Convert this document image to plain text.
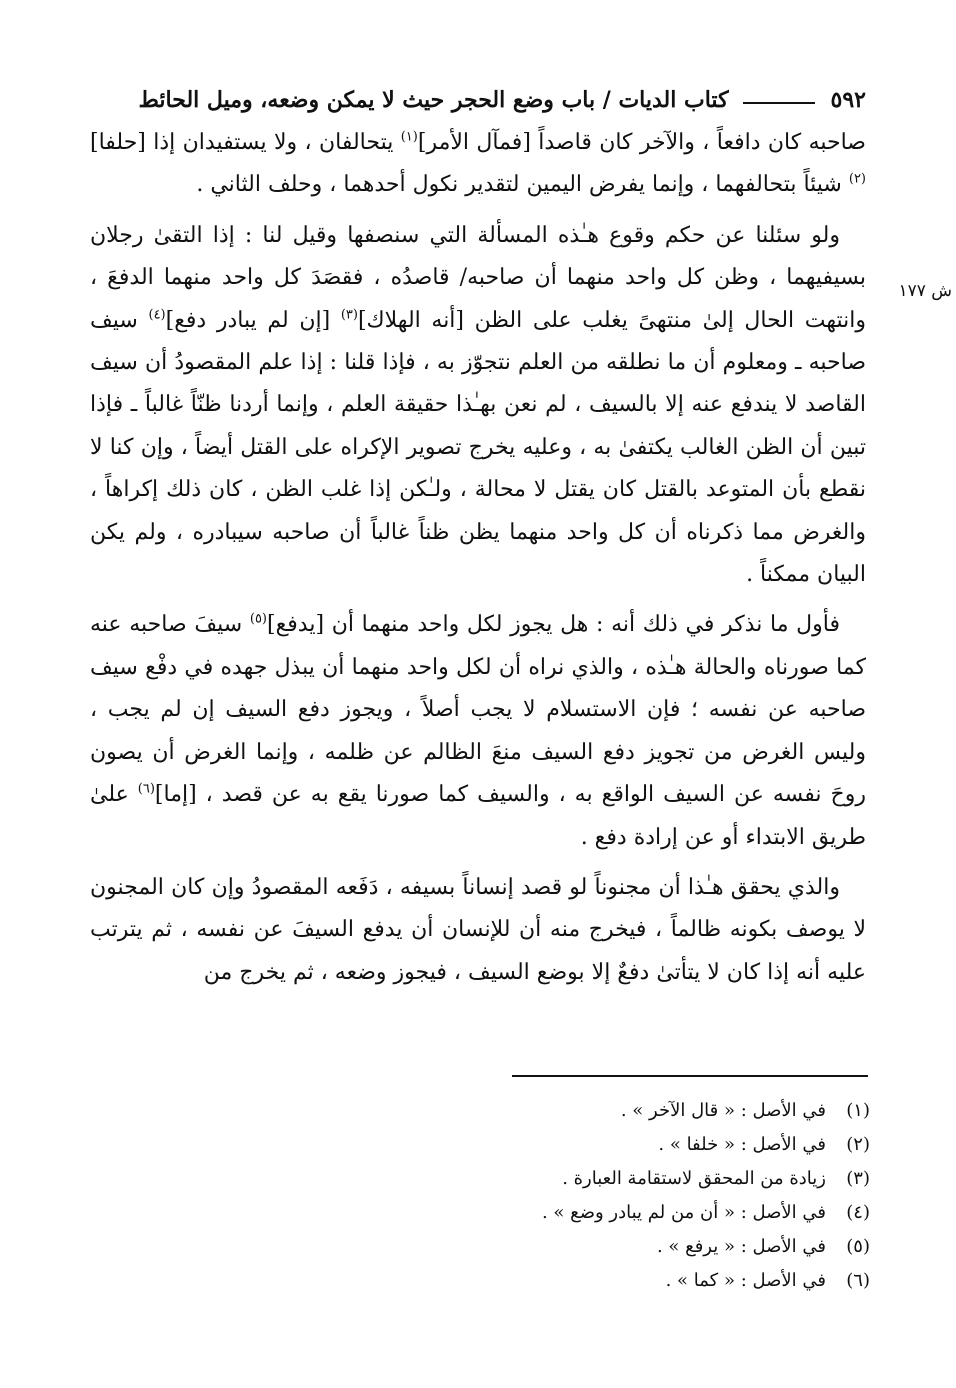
٥٩٢
كتاب الديات / باب وضع الحجر حيث لا يمكن وضعه، وميل الحائط
ش ١٧٧

صاحبه كان دافعاً ، والآخر كان قاصداً [فمآل الأمر]$^{(١)}$ يتحالفان ، ولا يستفيدان إذا [حلفا]$^{(٢)}$ شيئاً بتحالفهما ، وإنما يفرض اليمين لتقدير نكول أحدهما ، وحلف الثاني .

ولو سئلنا عن حكم وقوع هـٰذه المسألة التي سنصفها وقيل لنا : إذا التقىٰ رجلان بسيفيهما ، وظن كل واحد منهما أن صاحبه/ قاصدُه ، فقصَدَ كل واحد منهما الدفعَ ، وانتهت الحال إلىٰ منتهىً يغلب على الظن [أنه الهلاك]$^{(٣)}$ [إن لم يبادر دفع]$^{(٤)}$ سيف صاحبه ـ ومعلوم أن ما نطلقه من العلم نتجوّز به ، فإذا قلنا : إذا علم المقصودُ أن سيف القاصد لا يندفع عنه إلا بالسيف ، لم نعن بهـٰذا حقيقة العلم ، وإنما أردنا ظنّاً غالباً ـ فإذا تبين أن الظن الغالب يكتفىٰ به ، وعليه يخرج تصوير الإكراه على القتل أيضاً ، وإن كنا لا نقطع بأن المتوعد بالقتل كان يقتل لا محالة ، ولـٰكن إذا غلب الظن ، كان ذلك إكراهاً ، والغرض مما ذكرناه أن كل واحد منهما يظن ظناً غالباً أن صاحبه سيبادره ، ولم يكن البيان ممكناً .

فأول ما نذكر في ذلك أنه : هل يجوز لكل واحد منهما أن [يدفع]$^{(٥)}$ سيفَ صاحبه عنه كما صورناه والحالة هـٰذه ، والذي نراه أن لكل واحد منهما أن يبذل جهده في دفْع سيف صاحبه عن نفسه ؛ فإن الاستسلام لا يجب أصلاً ، ويجوز دفع السيف إن لم يجب ، وليس الغرض من تجويز دفع السيف منعَ الظالم عن ظلمه ، وإنما الغرض أن يصون روحَ نفسه عن السيف الواقع به ، والسيف كما صورنا يقع به عن قصد ، [إما]$^{(٦)}$ علىٰ طريق الابتداء أو عن إرادة دفع .

والذي يحقق هـٰذا أن مجنوناً لو قصد إنساناً بسيفه ، دَفَعه المقصودُ وإن كان المجنون لا يوصف بكونه ظالماً ، فيخرج منه أن للإنسان أن يدفع السيفَ عن نفسه ، ثم يترتب عليه أنه إذا كان لا يتأتىٰ دفعٌ إلا بوضع السيف ، فيجوز وضعه ، ثم يخرج من

(١)
في الأصل : « قال الآخر » .
(٢)
في الأصل : « خلفا » .
(٣)
زيادة من المحقق لاستقامة العبارة .
(٤)
في الأصل : « أن من لم يبادر وضع » .
(٥)
في الأصل : « يرفع » .
(٦)
في الأصل : « كما » .
